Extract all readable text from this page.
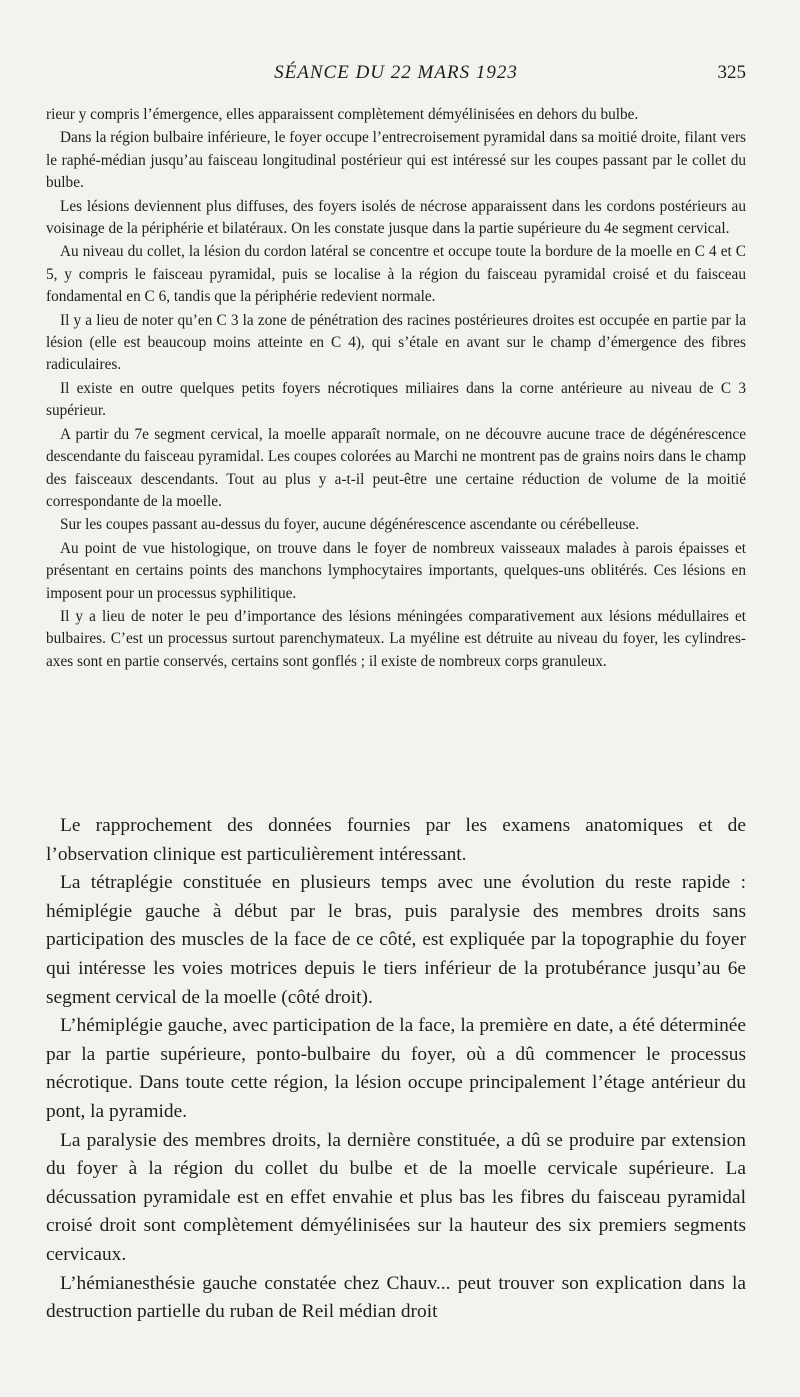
SÉANCE DU 22 MARS 1923	325

rieur y compris l’émergence, elles apparaissent complètement démyélinisées en dehors du bulbe.

Dans la région bulbaire inférieure, le foyer occupe l’entrecroisement pyramidal dans sa moitié droite, filant vers le raphé-médian jusqu’au faisceau longitudinal postérieur qui est intéressé sur les coupes passant par le collet du bulbe.

Les lésions deviennent plus diffuses, des foyers isolés de nécrose apparaissent dans les cordons postérieurs au voisinage de la périphérie et bilatéraux. On les constate jusque dans la partie supérieure du 4e segment cervical.

Au niveau du collet, la lésion du cordon latéral se concentre et occupe toute la bordure de la moelle en C 4 et C 5, y compris le faisceau pyramidal, puis se localise à la région du faisceau pyramidal croisé et du faisceau fondamental en C 6, tandis que la périphérie redevient normale.

Il y a lieu de noter qu’en C 3 la zone de pénétration des racines postérieures droites est occupée en partie par la lésion (elle est beaucoup moins atteinte en C 4), qui s’étale en avant sur le champ d’émergence des fibres radiculaires.

Il existe en outre quelques petits foyers nécrotiques miliaires dans la corne antérieure au niveau de C 3 supérieur.

A partir du 7e segment cervical, la moelle apparaît normale, on ne découvre aucune trace de dégénérescence descendante du faisceau pyramidal. Les coupes colorées au Marchi ne montrent pas de grains noirs dans le champ des faisceaux descendants. Tout au plus y a-t-il peut-être une certaine réduction de volume de la moitié correspondante de la moelle.

Sur les coupes passant au-dessus du foyer, aucune dégénérescence ascendante ou cérébelleuse.

Au point de vue histologique, on trouve dans le foyer de nombreux vaisseaux malades à parois épaisses et présentant en certains points des manchons lymphocytaires importants, quelques-uns oblitérés. Ces lésions en imposent pour un processus syphilitique.

Il y a lieu de noter le peu d’importance des lésions méningées comparativement aux lésions médullaires et bulbaires. C’est un processus surtout parenchymateux. La myéline est détruite au niveau du foyer, les cylindres-axes sont en partie conservés, certains sont gonflés ; il existe de nombreux corps granuleux.

Le rapprochement des données fournies par les examens anatomiques et de l’observation clinique est particulièrement intéressant.

La tétraplégie constituée en plusieurs temps avec une évolution du reste rapide : hémiplégie gauche à début par le bras, puis paralysie des membres droits sans participation des muscles de la face de ce côté, est expliquée par la topographie du foyer qui intéresse les voies motrices depuis le tiers inférieur de la protubérance jusqu’au 6e segment cervical de la moelle (côté droit).

L’hémiplégie gauche, avec participation de la face, la première en date, a été déterminée par la partie supérieure, ponto-bulbaire du foyer, où a dû commencer le processus nécrotique. Dans toute cette région, la lésion occupe principalement l’étage antérieur du pont, la pyramide.

La paralysie des membres droits, la dernière constituée, a dû se produire par extension du foyer à la région du collet du bulbe et de la moelle cervicale supérieure. La décussation pyramidale est en effet envahie et plus bas les fibres du faisceau pyramidal croisé droit sont complètement démyélinisées sur la hauteur des six premiers segments cervicaux.

L’hémianesthésie gauche constatée chez Chauv... peut trouver son explication dans la destruction partielle du ruban de Reil médian droit
